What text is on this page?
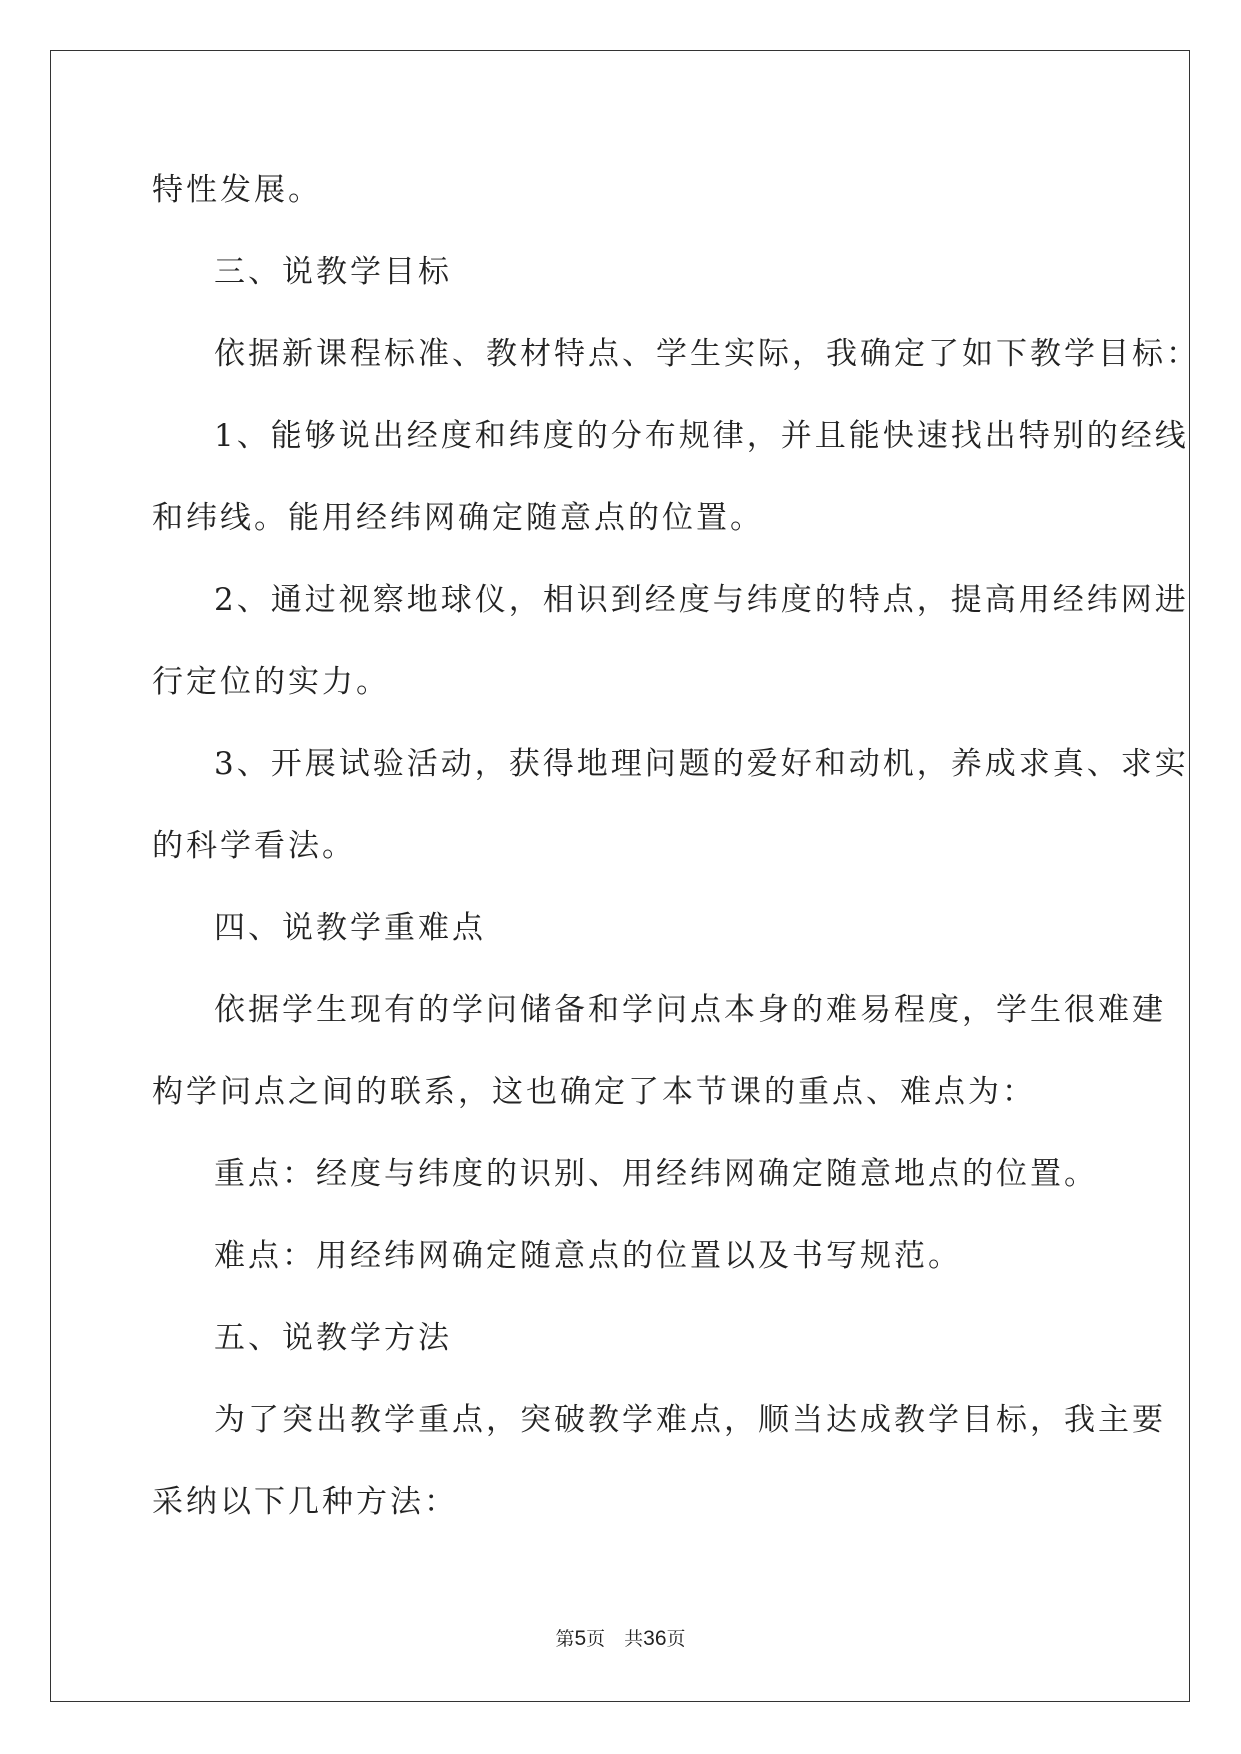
特性发展。
三、说教学目标
依据新课程标准、教材特点、学生实际，我确定了如下教学目标：
1、能够说出经度和纬度的分布规律，并且能快速找出特别的经线
和纬线。能用经纬网确定随意点的位置。
2、通过视察地球仪，相识到经度与纬度的特点，提高用经纬网进
行定位的实力。
3、开展试验活动，获得地理问题的爱好和动机，养成求真、求实
的科学看法。
四、说教学重难点
依据学生现有的学问储备和学问点本身的难易程度，学生很难建
构学问点之间的联系，这也确定了本节课的重点、难点为：
重点：经度与纬度的识别、用经纬网确定随意地点的位置。
难点：用经纬网确定随意点的位置以及书写规范。
五、说教学方法
为了突出教学重点，突破教学难点，顺当达成教学目标，我主要
采纳以下几种方法：
第5页　共36页
